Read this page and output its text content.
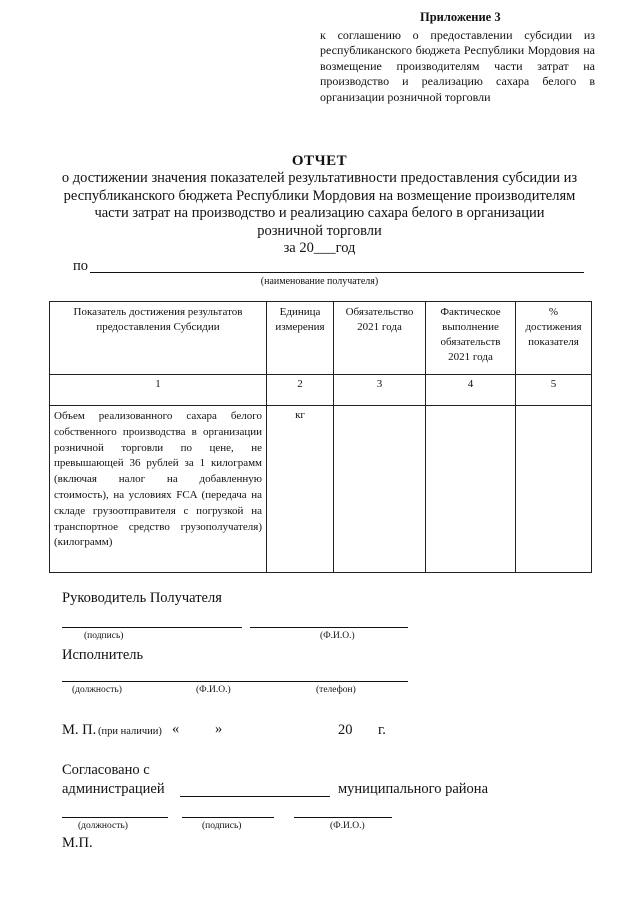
Приложение 3
к соглашению о предоставлении субсидии из республиканского бюджета Республики Мордовия на возмещение производителям части затрат на производство и реализацию сахара белого в организации розничной торговли
ОТЧЕТ
о достижении значения показателей результативности предоставления субсидии из республиканского бюджета Республики Мордовия на возмещение производителям части затрат на производство и реализацию сахара белого в организации розничной торговли
за 20___год
по
(наименование получателя)
Показатель достижения результатов предоставления Субсидии	Единица измерения	Обязательство 2021 года	Фактическое выполнение обязательств 2021 года	% достижения показателя
1	2	3	4	5
Объем реализованного сахара белого собственного производства в организации розничной торговли по цене, не превышающей 36 рублей за 1 килограмм (включая налог на добавленную стоимость), на условиях FCA (передача на складе грузоотправителя с погрузкой на транспортное средство грузополучателя) (килограмм)	кг			
Руководитель Получателя
(подпись)	(Ф.И.О.)
Исполнитель
(должность)	(Ф.И.О.)	(телефон)
М. П. (при наличии) « »	20 г.
Согласовано с
администрацией	муниципального района
(должность)	(подпись)	(Ф.И.О.)
М.П.
